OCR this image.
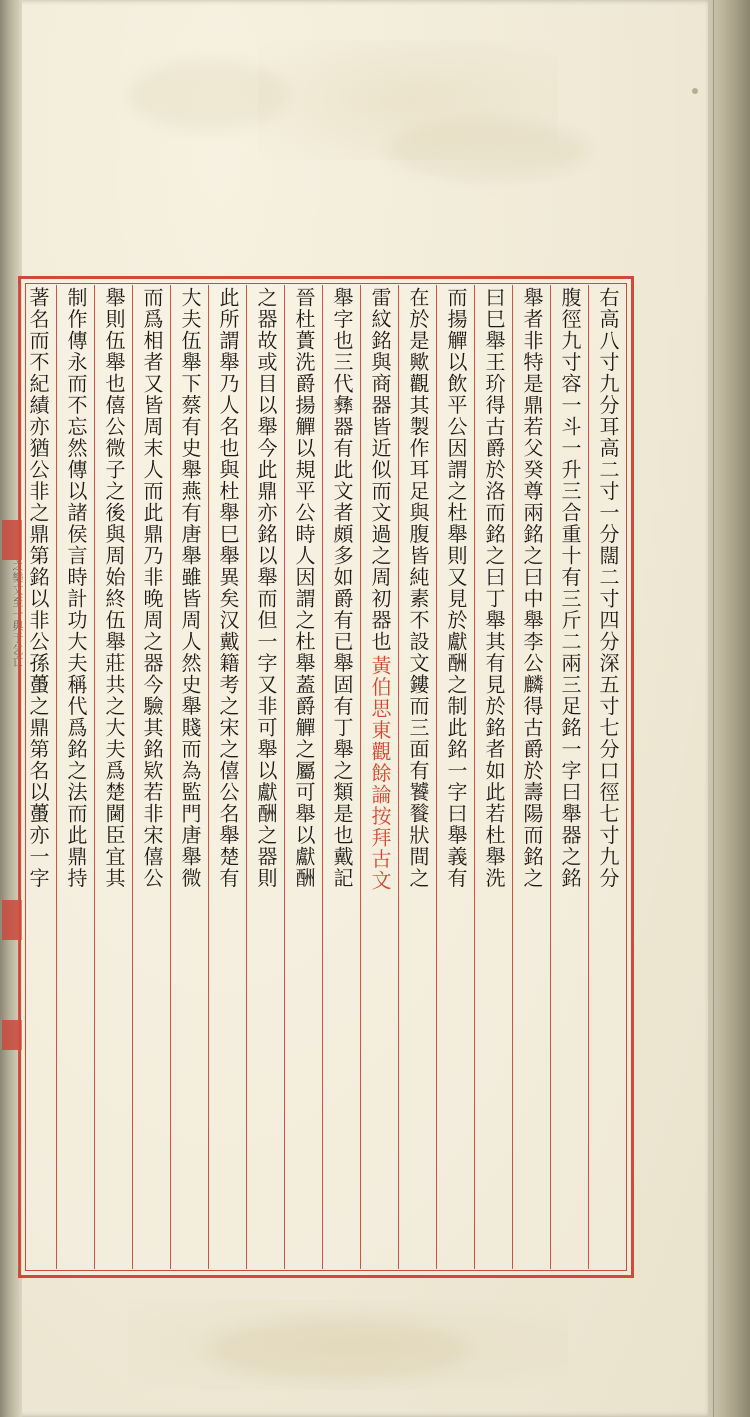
之樂文至一與于乞亡	右高八寸九分耳高二寸一分闊二寸四分深五寸七分口徑七寸九分
腹徑九寸容一斗一升三合重十有三斤二兩三足銘一字曰舉器之銘
舉者非特是鼎若父癸尊兩銘之曰中舉李公麟得古爵於壽陽而銘之
曰巳舉王玠得古爵於洛而銘之曰丁舉其有見於銘者如此若杜舉洗
而揚觶以飲平公因謂之杜舉則又見於獻酬之制此銘一字曰舉義有
在於是歟觀其製作耳足與腹皆純素不設文鏤而三面有饕餮狀間之
雷紋銘與商器皆近似而文過之周初器也黃伯思東觀餘論按拜古文
舉字也三代彝器有此文者頗多如爵有已舉固有丁舉之類是也戴記
晉杜蕢洗爵揚觶以規平公時人因謂之杜舉蓋爵觶之屬可舉以獻酬
之器故或目以舉今此鼎亦銘以舉而但一字又非可舉以獻酬之器則
此所謂舉乃人名也與杜舉巳舉異矣汉戴籍考之宋之僖公名舉楚有
大夫伍舉下蔡有史舉燕有唐舉雖皆周人然史舉賤而為監門唐舉微
而爲相者又皆周末人而此鼎乃非晚周之器今驗其銘欵若非宋僖公
舉則伍舉也僖公微子之後與周始終伍舉莊共之大夫爲楚閫臣宜其
制作傳永而不忘然傳以諸侯言時計功大夫稱代爲銘之法而此鼎持
著名而不紀績亦猶公非之鼎第銘以非公孫蠆之鼎第名以蠆亦一字
